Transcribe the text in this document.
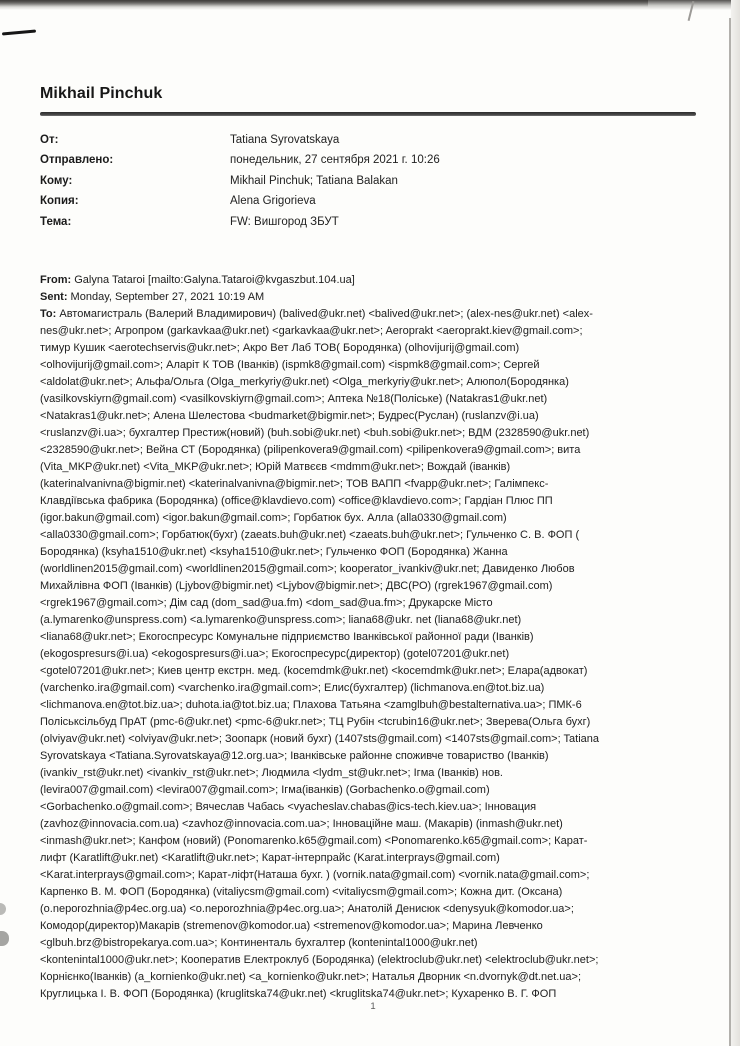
Mikhail Pinchuk
От:	Tatiana Syrovatskaya
Отправлено:	понедельник, 27 сентября 2021 г. 10:26
Кому:	Mikhail Pinchuk; Tatiana Balakan
Копия:	Alena Grigorieva
Тема:	FW: Вишгород ЗБУТ
From: Galyna Tataroi [mailto:Galyna.Tataroi@kvgaszbut.104.ua]
Sent: Monday, September 27, 2021 10:19 AM
To: Автомагистраль (Валерий Владимирович) (balived@ukr.net) <balived@ukr.net>; (alex-nes@ukr.net) <alex-
nes@ukr.net>; Агропром (garkavkaa@ukr.net) <garkavkaa@ukr.net>; Aeroprakt <aeroprakt.kiev@gmail.com>;
тимур Кушик <aerotechservis@ukr.net>; Акро Вет Лаб ТОВ( Бородянка) (olhovijurij@gmail.com)
<olhovijurij@gmail.com>; Аларіт К ТОВ (Іванків) (ispmk8@gmail.com) <ispmk8@gmail.com>; Сергей
<aldolat@ukr.net>; Альфа/Ольга (Olga_merkyriy@ukr.net) <Olga_merkyriy@ukr.net>; Алюпол(Бородянка)
(vasilkovskiyrn@gmail.com) <vasilkovskiyrn@gmail.com>; Аптека №18(Поліське) (Natakras1@ukr.net)
<Natakras1@ukr.net>; Алена Шелестова <budmarket@bigmir.net>; Будрес(Руслан) (ruslanzv@i.ua)
<ruslanzv@i.ua>; бухгалтер Престиж(новий) (buh.sobi@ukr.net) <buh.sobi@ukr.net>; ВДМ (2328590@ukr.net)
<2328590@ukr.net>; Вейна СТ (Бородянка) (pilipenkovera9@gmail.com) <pilipenkovera9@gmail.com>; вита
(Vita_MKP@ukr.net) <Vita_MKP@ukr.net>; Юрій Матвєєв <mdmm@ukr.net>; Вождай (іванків)
(katerinalvanivna@bigmir.net) <katerinalvanivna@bigmir.net>; ТОВ ВАПП <fvapp@ukr.net>; Галімпекс-
Клавдіївська фабрика (Бородянка) (office@klavdievo.com) <office@klavdievo.com>; Гардіан Плюс ПП
(igor.bakun@gmail.com) <igor.bakun@gmail.com>; Горбатюк бух. Алла (alla0330@gmail.com)
<alla0330@gmail.com>; Горбатюк(бухг) (zaeats.buh@ukr.net) <zaeats.buh@ukr.net>; Гульченко С. В. ФОП (
Бородянка) (ksyha1510@ukr.net) <ksyha1510@ukr.net>; Гульченко ФОП (Бородянка) Жанна
(worldlinen2015@gmail.com) <worldlinen2015@gmail.com>; kooperator_ivankiv@ukr.net; Давиденко Любов
Михайлівна ФОП (Іванків) (Ljybov@bigmir.net) <Ljybov@bigmir.net>; ДВС(РО) (rgrek1967@gmail.com)
<rgrek1967@gmail.com>; Дім сад (dom_sad@ua.fm) <dom_sad@ua.fm>; Друкарске Місто
(a.lymarenko@unspress.com) <a.lymarenko@unspress.com>; liana68@ukr. net (liana68@ukr.net)
<liana68@ukr.net>; Екогоспресурс Комунальне підприємство Іванківської районної ради (Іванків)
(ekogospresurs@i.ua) <ekogospresurs@i.ua>; Екогоспресурс(директор) (gotel07201@ukr.net)
<gotel07201@ukr.net>; Киев центр екстрн. мед. (kocemdmk@ukr.net) <kocemdmk@ukr.net>; Елара(адвокат)
(varchenko.ira@gmail.com) <varchenko.ira@gmail.com>; Елис(бухгалтер) (lichmanova.en@tot.biz.ua)
<lichmanova.en@tot.biz.ua>; duhota.ia@tot.biz.ua; Плахова Татьяна <zamglbuh@bestalternativa.ua>; ПМК-6
Поліськсільбуд ПрАТ (pmc-6@ukr.net) <pmc-6@ukr.net>; ТЦ Рубін <tcrubin16@ukr.net>; Зверева(Ольга бухг)
(olviyav@ukr.net) <olviyav@ukr.net>; Зоопарк (новий бухг) (1407sts@gmail.com) <1407sts@gmail.com>; Tatiana
Syrovatskaya <Tatiana.Syrovatskaya@12.org.ua>; Іванківське районне споживче товариство (Іванків)
(ivankiv_rst@ukr.net) <ivankiv_rst@ukr.net>; Людмила <lydm_st@ukr.net>; Ігма (Іванків) нов.
(levira007@gmail.com) <levira007@gmail.com>; Ігма(іванків) (Gorbachenko.o@gmail.com)
<Gorbachenko.o@gmail.com>; Вячеслав Чабась <vyacheslav.chabas@ics-tech.kiev.ua>; Інновация
(zavhoz@innovacia.com.ua) <zavhoz@innovacia.com.ua>; Інноваційне маш. (Макарів) (inmash@ukr.net)
<inmash@ukr.net>; Канфом (новий) (Ponomarenko.k65@gmail.com) <Ponomarenko.k65@gmail.com>; Карат-
лифт (Karatlift@ukr.net) <Karatlift@ukr.net>; Карат-інтерпрайс (Karat.interprays@gmail.com)
<Karat.interprays@gmail.com>; Карат-ліфт(Наташа бухг. ) (vornik.nata@gmail.com) <vornik.nata@gmail.com>;
Карпенко В. М. ФОП (Бородянка) (vitaliycsm@gmail.com) <vitaliycsm@gmail.com>; Кожна дит. (Оксана)
(o.neporozhnia@p4ec.org.ua) <o.neporozhnia@p4ec.org.ua>; Анатолій Денисюк <denysyuk@komodor.ua>;
Комодор(директор)Макарів (stremenov@komodor.ua) <stremenov@komodor.ua>; Марина Левченко
<glbuh.brz@bistropekarya.com.ua>; Континенталь бухгалтер (kontenintal1000@ukr.net)
<kontenintal1000@ukr.net>; Кооператив Електроклуб (Бородянка) (elektroclub@ukr.net) <elektroclub@ukr.net>;
Корнієнко(Іванків) (a_kornienko@ukr.net) <a_kornienko@ukr.net>; Наталья Дворник <n.dvornyk@dt.net.ua>;
Круглицька І. В. ФОП (Бородянка) (kruglitska74@ukr.net) <kruglitska74@ukr.net>; Кухаренко В. Г. ФОП
1
